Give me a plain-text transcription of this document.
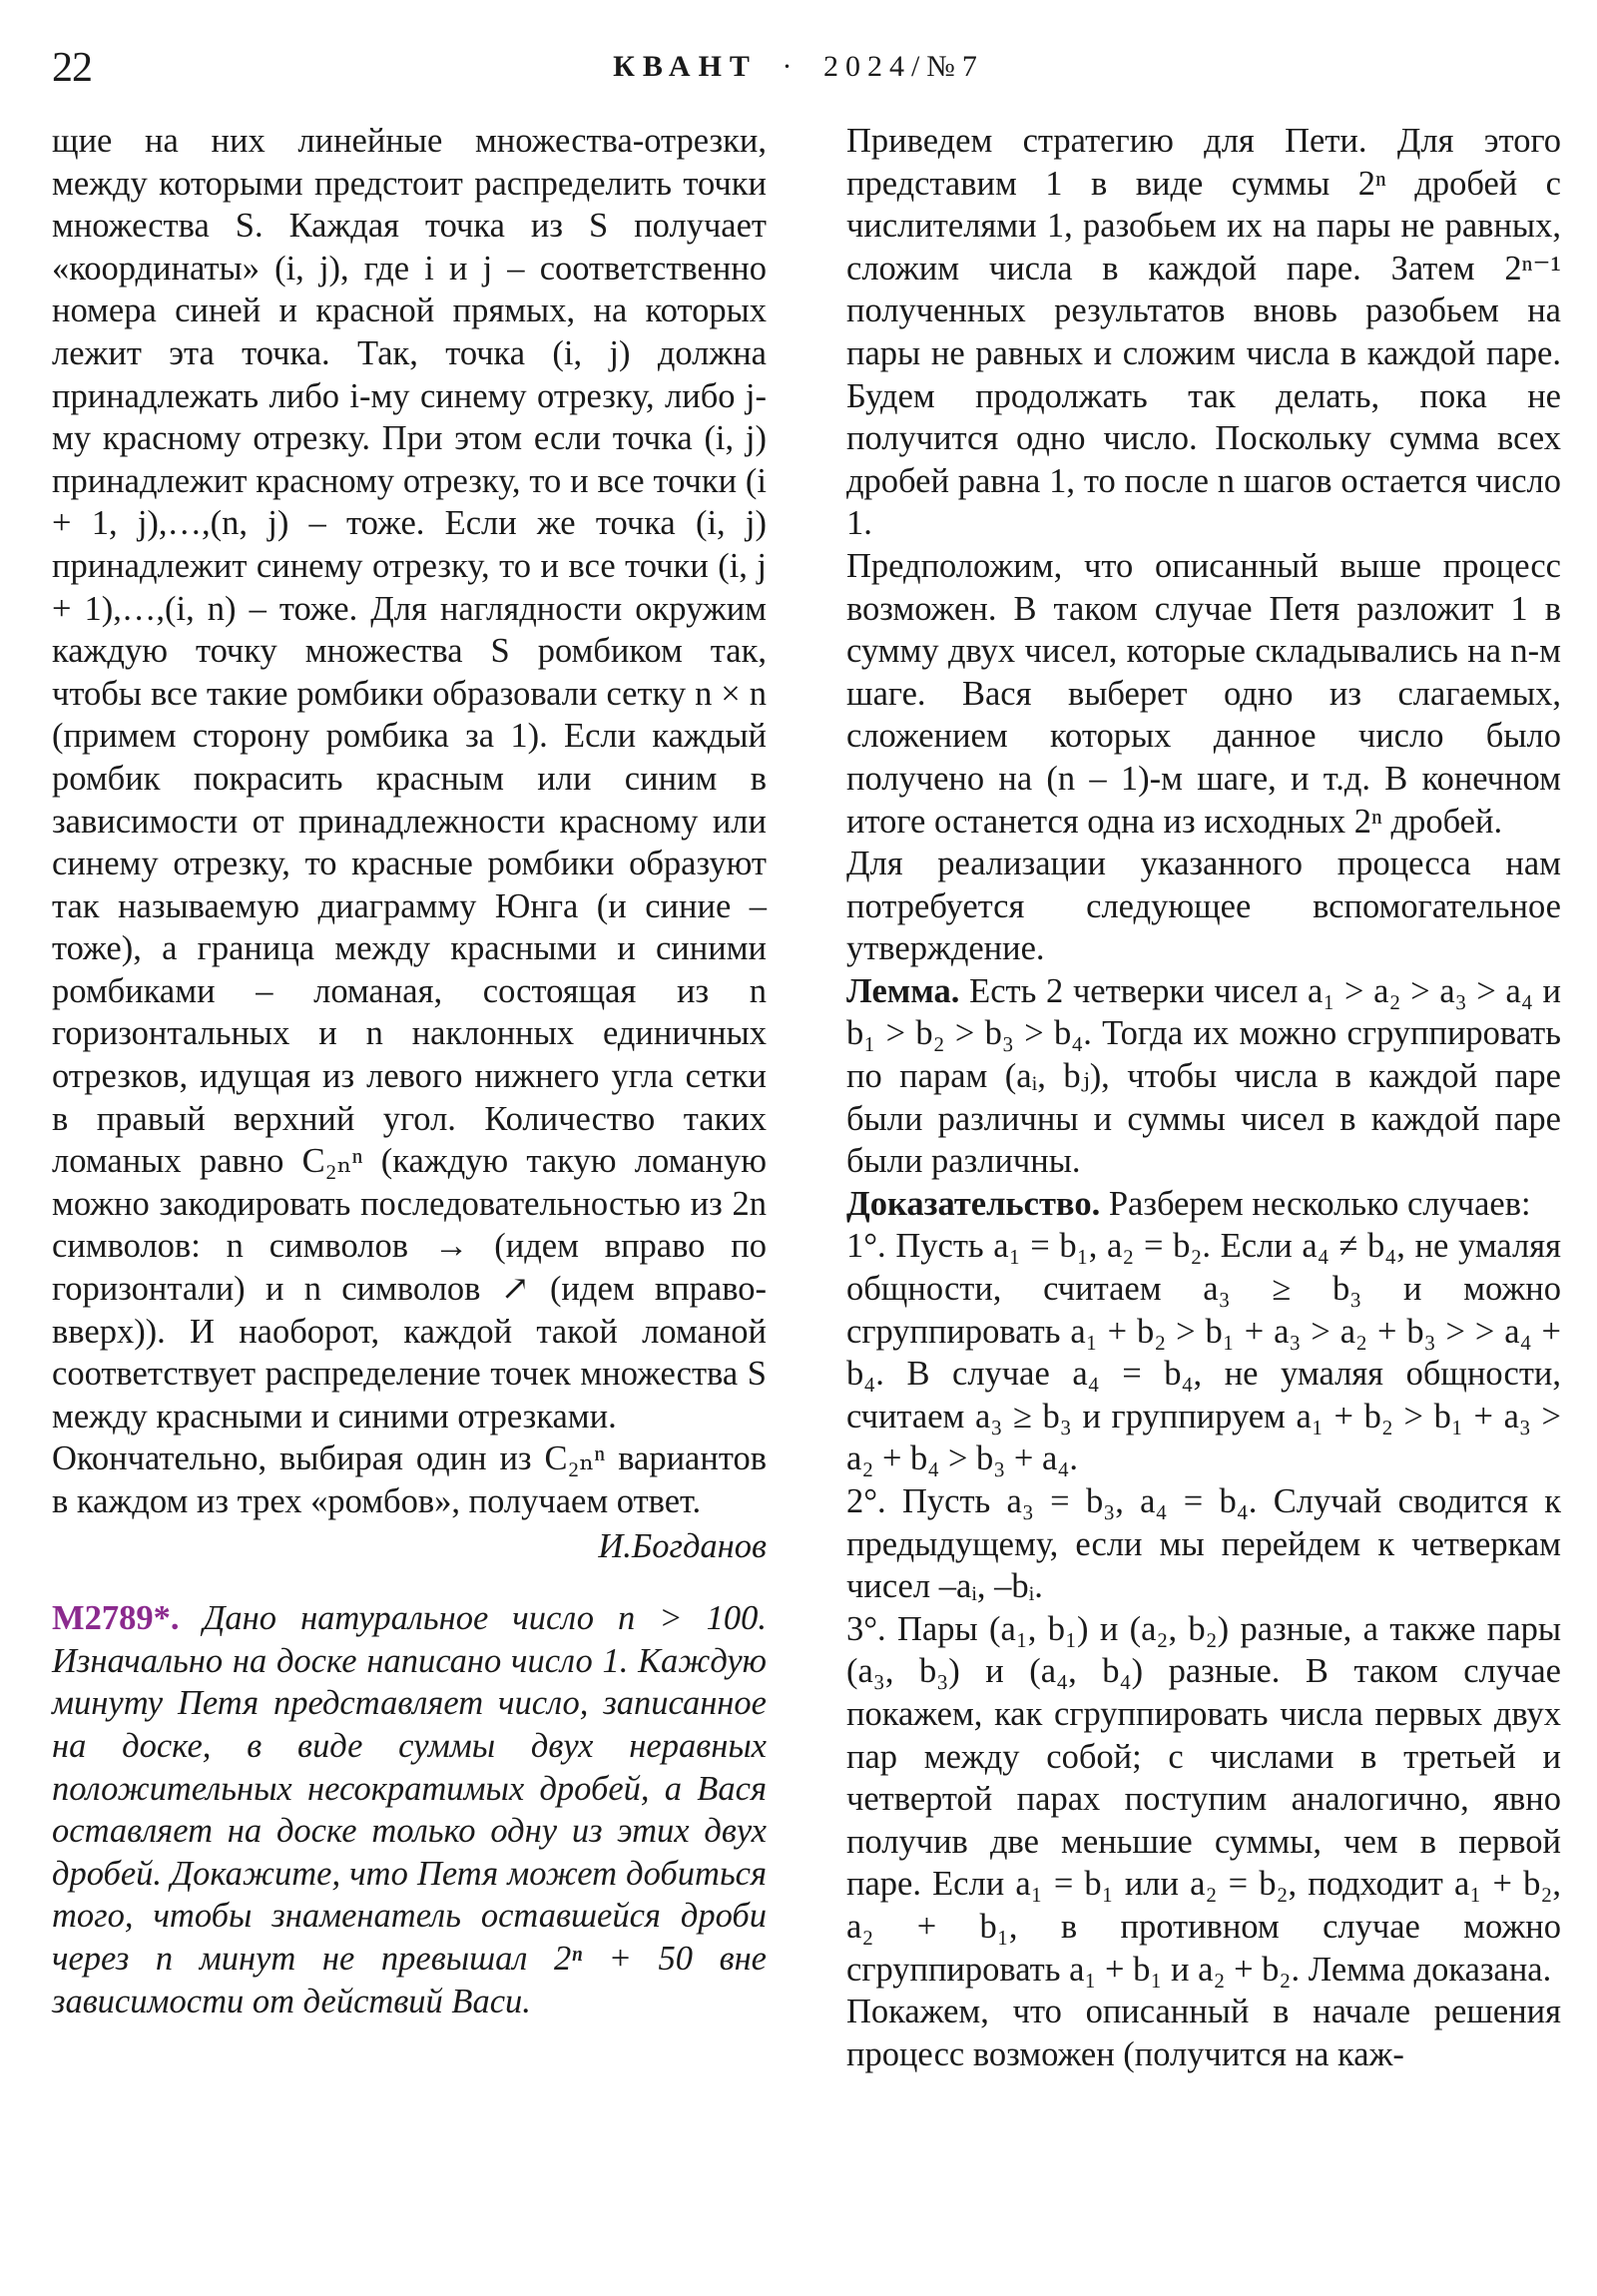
22	КВАНТ · 2024/№7

щие на них линейные множества-отрезки, между которыми предстоит распределить точки множества S. Каждая точка из S получает «координаты» (i, j), где i и j – соответственно номера синей и красной прямых, на которых лежит эта точка. Так, точка (i, j) должна принадлежать либо i-му синему отрезку, либо j-му красному отрезку. При этом если точка (i, j) принадлежит красному отрезку, то и все точки (i + 1, j),…,(n, j) – тоже. Если же точка (i, j) принадлежит синему отрезку, то и все точки (i, j + 1),…,(i, n) – тоже. Для наглядности окружим каждую точку множества S ромбиком так, чтобы все такие ромбики образовали сетку n × n (примем сторону ромбика за 1). Если каждый ромбик покрасить красным или синим в зависимости от принадлежности красному или синему отрезку, то красные ромбики образуют так называемую диаграмму Юнга (и синие – тоже), а граница между красными и синими ромбиками – ломаная, состоящая из n горизонтальных и n наклонных единичных отрезков, идущая из левого нижнего угла сетки в правый верхний угол. Количество таких ломаных равно C₂ₙⁿ (каждую такую ломаную можно закодировать последовательностью из 2n символов: n символов → (идем вправо по горизонтали) и n символов ↗ (идем вправо-вверх)). И наоборот, каждой такой ломаной соответствует распределение точек множества S между красными и синими отрезками.

Окончательно, выбирая один из C₂ₙⁿ вариантов в каждом из трех «ромбов», получаем ответ.

И.Богданов

М2789*. Дано натуральное число n > 100. Изначально на доске написано число 1. Каждую минуту Петя представляет число, записанное на доске, в виде суммы двух неравных положительных несократимых дробей, а Вася оставляет на доске только одну из этих двух дробей. Докажите, что Петя может добиться того, чтобы знаменатель оставшейся дроби через n минут не превышал 2ⁿ + 50 вне зависимости от действий Васи.

Приведем стратегию для Пети. Для этого представим 1 в виде суммы 2ⁿ дробей с числителями 1, разобьем их на пары не равных, сложим числа в каждой паре. Затем 2ⁿ⁻¹ полученных результатов вновь разобьем на пары не равных и сложим числа в каждой паре. Будем продолжать так делать, пока не получится одно число. Поскольку сумма всех дробей равна 1, то после n шагов остается число 1.

Предположим, что описанный выше процесс возможен. В таком случае Петя разложит 1 в сумму двух чисел, которые складывались на n-м шаге. Вася выберет одно из слагаемых, сложением которых данное число было получено на (n – 1)-м шаге, и т.д. В конечном итоге останется одна из исходных 2ⁿ дробей.

Для реализации указанного процесса нам потребуется следующее вспомогательное утверждение.

Лемма. Есть 2 четверки чисел a₁ > a₂ > a₃ > a₄ и b₁ > b₂ > b₃ > b₄. Тогда их можно сгруппировать по парам (aᵢ, bⱼ), чтобы числа в каждой паре были различны и суммы чисел в каждой паре были различны.

Доказательство. Разберем несколько случаев:

1°. Пусть a₁ = b₁, a₂ = b₂. Если a₄ ≠ b₄, не умаляя общности, считаем a₃ ≥ b₃ и можно сгруппировать a₁ + b₂ > b₁ + a₃ > a₂ + b₃ > > a₄ + b₄. В случае a₄ = b₄, не умаляя общности, считаем a₃ ≥ b₃ и группируем a₁ + b₂ > b₁ + a₃ > a₂ + b₄ > b₃ + a₄.

2°. Пусть a₃ = b₃, a₄ = b₄. Случай сводится к предыдущему, если мы перейдем к четверкам чисел –aᵢ, –bᵢ.

3°. Пары (a₁, b₁) и (a₂, b₂) разные, а также пары (a₃, b₃) и (a₄, b₄) разные. В таком случае покажем, как сгруппировать числа первых двух пар между собой; с числами в третьей и четвертой парах поступим аналогично, явно получив две меньшие суммы, чем в первой паре. Если a₁ = b₁ или a₂ = b₂, подходит a₁ + b₂, a₂ + b₁, в противном случае можно сгруппировать a₁ + b₁ и a₂ + b₂. Лемма доказана.

Покажем, что описанный в начале решения процесс возможен (получится на каж-
